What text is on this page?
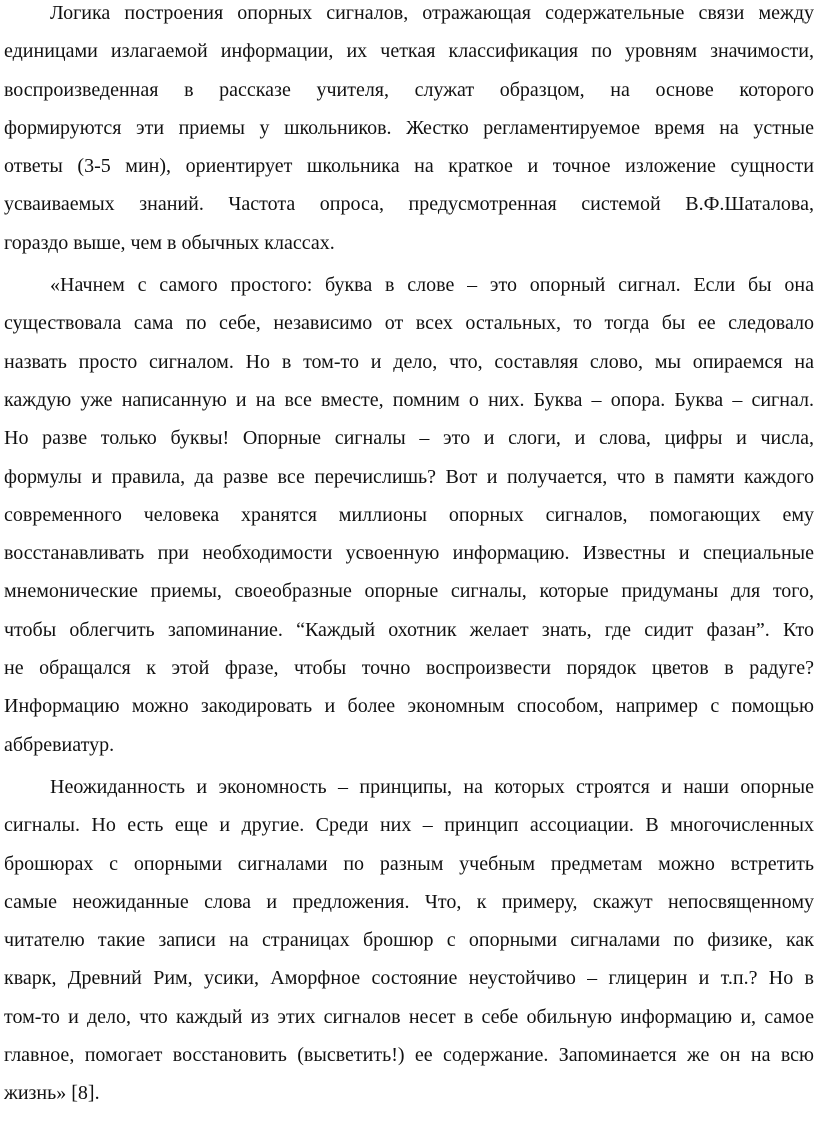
Логика построения опорных сигналов, отражающая содержательные связи между
единицами излагаемой информации, их четкая классификация по уровням значимости,
воспроизведенная в рассказе учителя, служат образцом, на основе которого
формируются эти приемы у школьников. Жестко регламентируемое время на устные
ответы (3-5 мин), ориентирует школьника на краткое и точное изложение сущности
усваиваемых знаний. Частота опроса, предусмотренная системой В.Ф.Шаталова,
гораздо выше, чем в обычных классах.

«Начнем с самого простого: буква в слове – это опорный сигнал. Если бы она
существовала сама по себе, независимо от всех остальных, то тогда бы ее следовало
назвать просто сигналом. Но в том-то и дело, что, составляя слово, мы опираемся на
каждую уже написанную и на все вместе, помним о них. Буква – опора. Буква – сигнал.
Но разве только буквы! Опорные сигналы – это и слоги, и слова, цифры и числа,
формулы и правила, да разве все перечислишь? Вот и получается, что в памяти каждого
современного человека хранятся миллионы опорных сигналов, помогающих ему
восстанавливать при необходимости усвоенную информацию. Известны и специальные
мнемонические приемы, своеобразные опорные сигналы, которые придуманы для того,
чтобы облегчить запоминание. “Каждый охотник желает знать, где сидит фазан”. Кто
не обращался к этой фразе, чтобы точно воспроизвести порядок цветов в радуге?
Информацию можно закодировать и более экономным способом, например с помощью
аббревиатур.

Неожиданность и экономность – принципы, на которых строятся и наши опорные
сигналы. Но есть еще и другие. Среди них – принцип ассоциации. В многочисленных
брошюрах с опорными сигналами по разным учебным предметам можно встретить
самые неожиданные слова и предложения. Что, к примеру, скажут непосвященному
читателю такие записи на страницах брошюр с опорными сигналами по физике, как
кварк, Древний Рим, усики, Аморфное состояние неустойчиво – глицерин и т.п.? Но в
том-то и дело, что каждый из этих сигналов несет в себе обильную информацию и, самое
главное, помогает восстановить (высветить!) ее содержание. Запоминается же он на всю
жизнь» [8].
